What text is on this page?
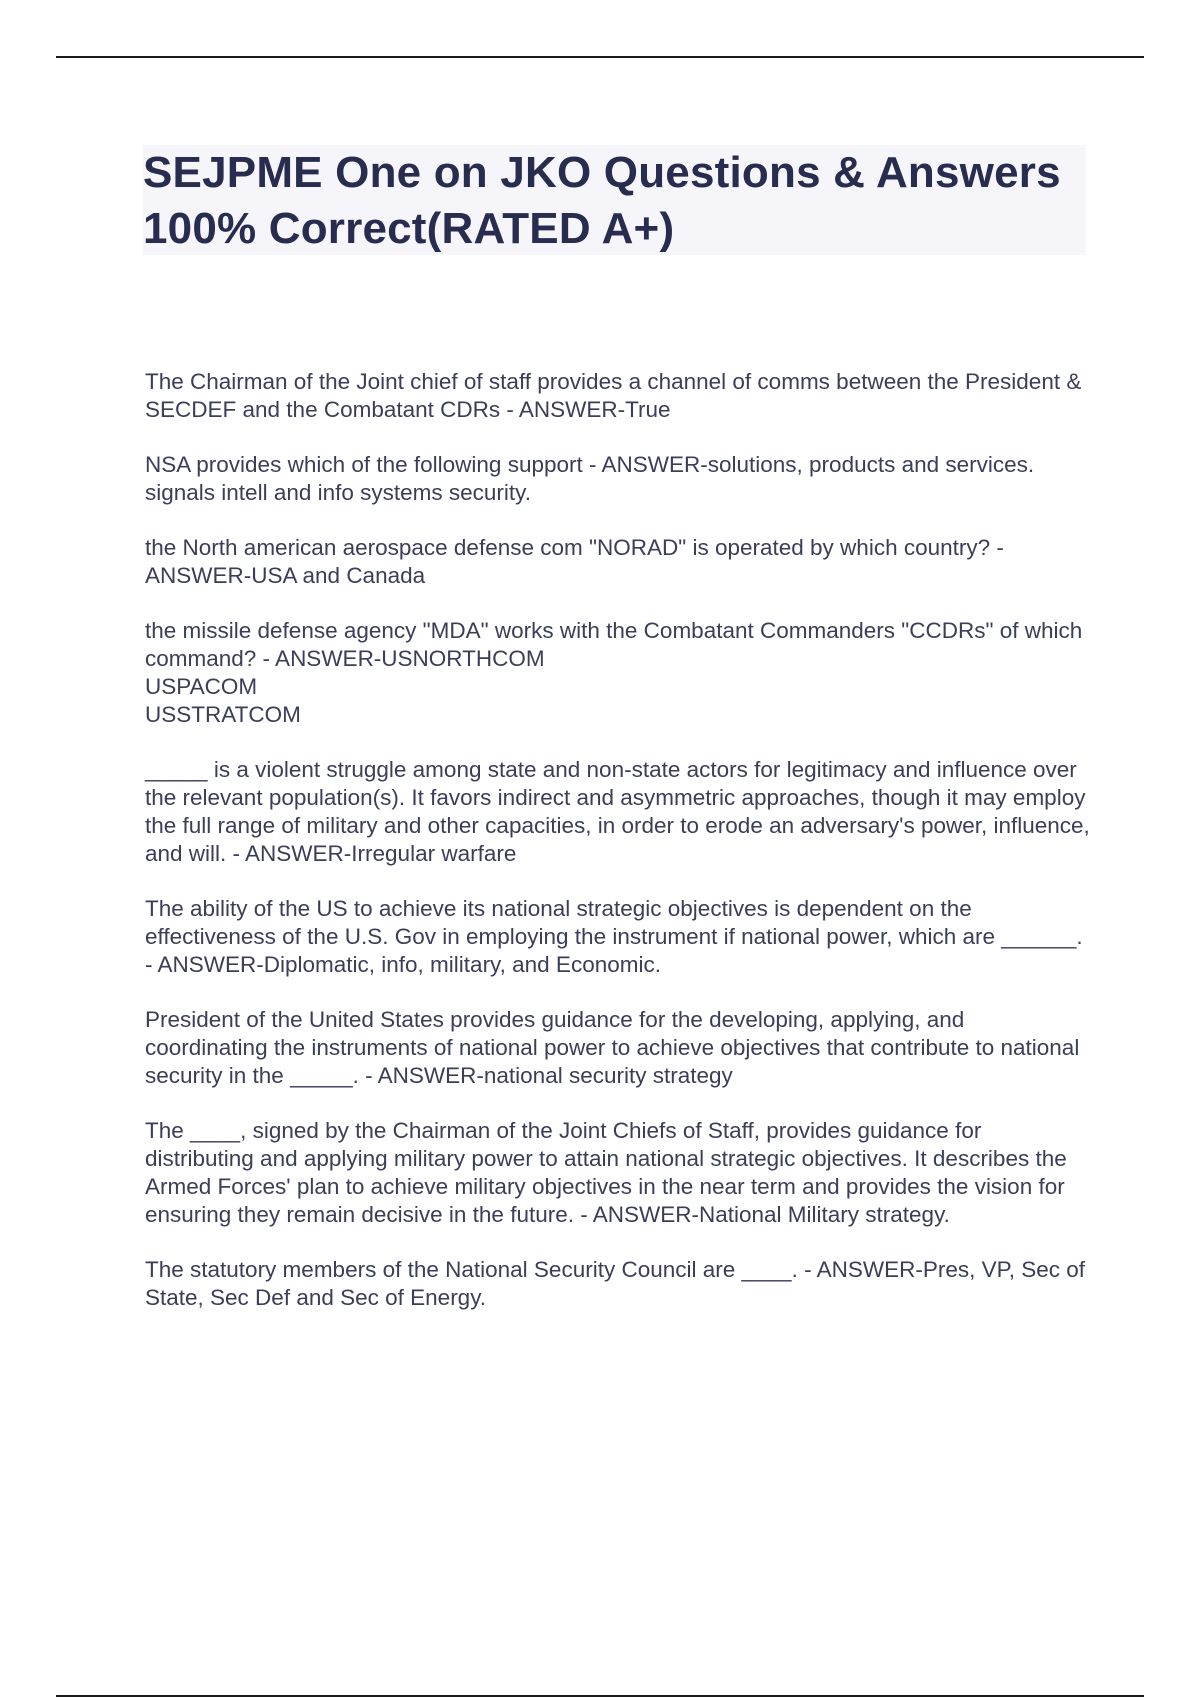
SEJPME One on JKO Questions & Answers 100% Correct(RATED A+)

The Chairman of the Joint chief of staff provides a channel of comms between the President & SECDEF and the Combatant CDRs - ANSWER-True

NSA provides which of the following support - ANSWER-solutions, products and services.
signals intell and info systems security.

the North american aerospace defense com "NORAD" is operated by which country? - ANSWER-USA and Canada

the missile defense agency "MDA" works with the Combatant Commanders "CCDRs" of which command? - ANSWER-USNORTHCOM
USPACOM
USSTRATCOM

_____ is a violent struggle among state and non-state actors for legitimacy and influence over the relevant population(s). It favors indirect and asymmetric approaches, though it may employ the full range of military and other capacities, in order to erode an adversary's power, influence, and will. - ANSWER-Irregular warfare

The ability of the US to achieve its national strategic objectives is dependent on the effectiveness of the U.S. Gov in employing the instrument if national power, which are ______. - ANSWER-Diplomatic, info, military, and Economic.

President of the United States provides guidance for the developing, applying, and coordinating the instruments of national power to achieve objectives that contribute to national security in the _____. - ANSWER-national security strategy

The ____, signed by the Chairman of the Joint Chiefs of Staff, provides guidance for distributing and applying military power to attain national strategic objectives. It describes the Armed Forces' plan to achieve military objectives in the near term and provides the vision for ensuring they remain decisive in the future. - ANSWER-National Military strategy.

The statutory members of the National Security Council are ____. - ANSWER-Pres, VP, Sec of State, Sec Def and Sec of Energy.
